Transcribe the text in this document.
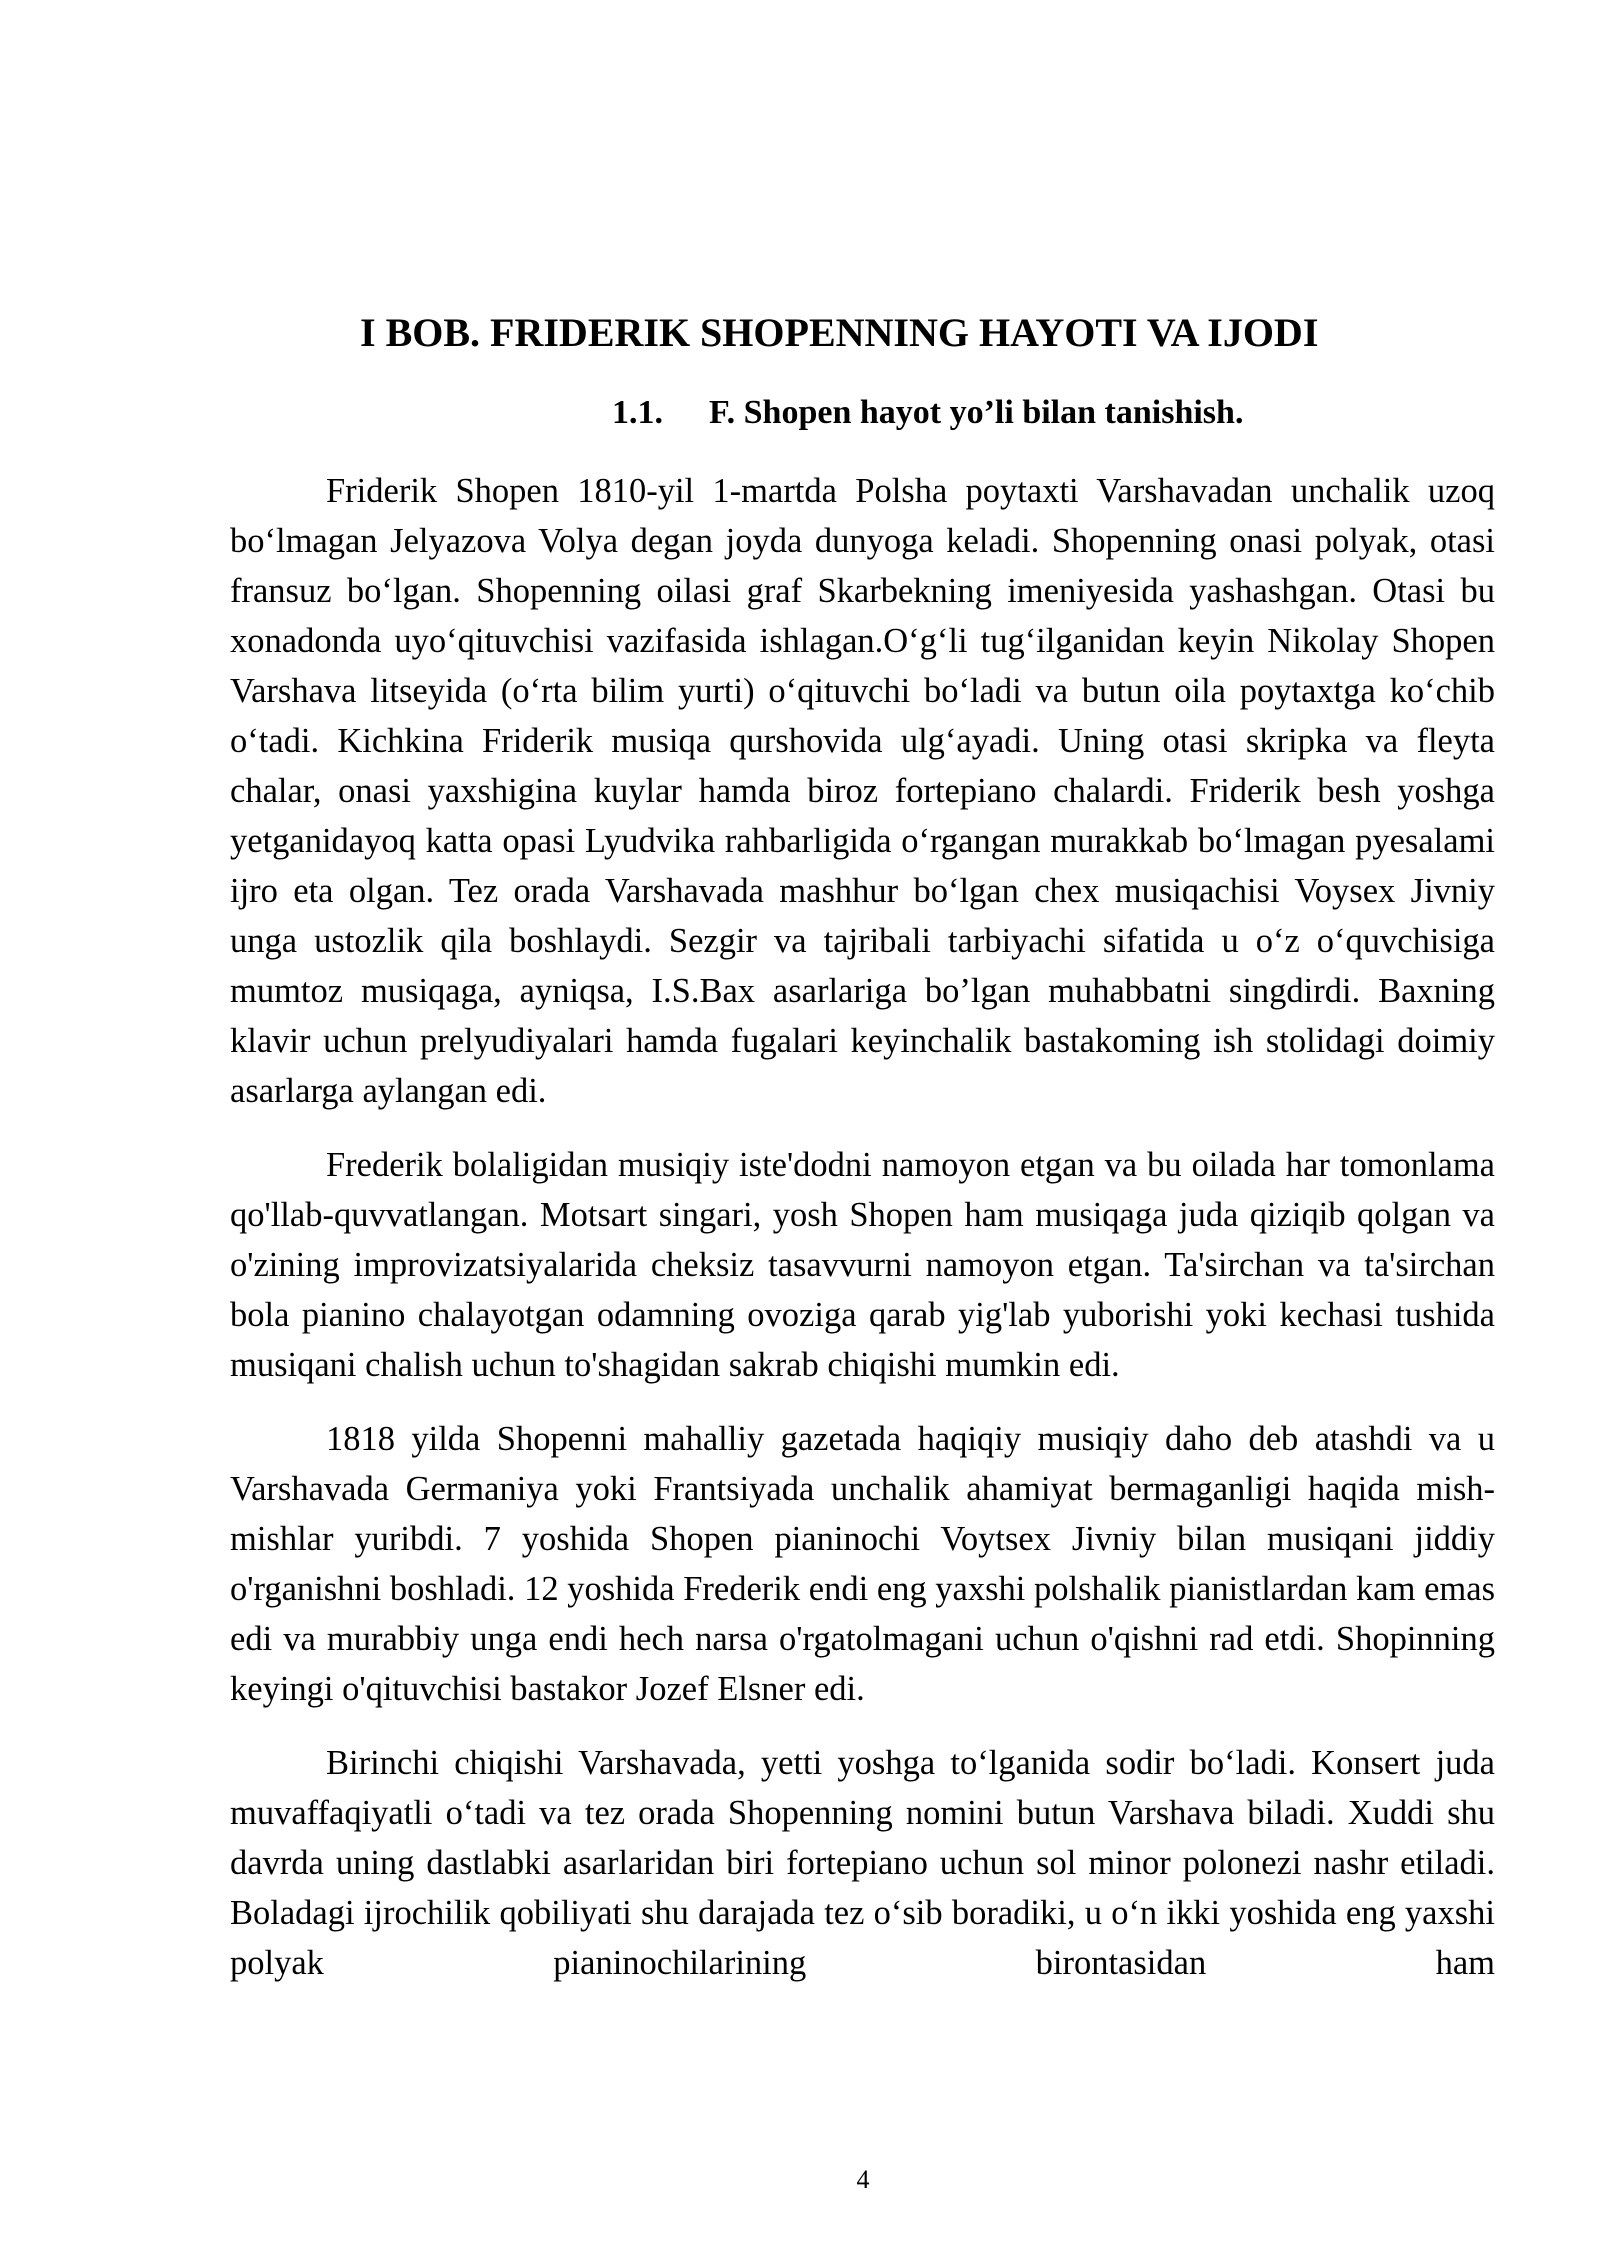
I BOB. FRIDERIK SHOPENNING HAYOTI VA IJODI
1.1. F. Shopen hayot yo’li bilan tanishish.

Friderik Shopen 1810-yil 1-martda Polsha poytaxti Varshavadan unchalik uzoq bo‘lmagan Jelyazova Volya degan joyda dunyoga keladi. Shopenning onasi polyak, otasi fransuz bo‘lgan. Shopenning oilasi graf Skarbekning imeniyesida yashashgan. Otasi bu xonadonda uyo‘qituvchisi vazifasida ishlagan.O‘g‘li tug‘ilganidan keyin Nikolay Shopen Varshava litseyida (o‘rta bilim yurti) o‘qituvchi bo‘ladi va butun oila poytaxtga ko‘chib o‘tadi. Kichkina Friderik musiqa qurshovida ulg‘ayadi. Uning otasi skripka va fleyta chalar, onasi yaxshigina kuylar hamda biroz fortepiano chalardi. Friderik besh yoshga yetganidayoq katta opasi Lyudvika rahbarligida o‘rgangan murakkab bo‘lmagan pyesalami ijro eta olgan. Tez orada Varshavada mashhur bo‘lgan chex musiqachisi Voysex Jivniy unga ustozlik qila boshlaydi. Sezgir va tajribali tarbiyachi sifatida u o‘z o‘quvchisiga mumtoz musiqaga, ayniqsa, I.S.Bax asarlariga bo’lgan muhabbatni singdirdi. Baxning klavir uchun prelyudiyalari hamda fugalari keyinchalik bastakoming ish stolidagi doimiy asarlarga aylangan edi.

Frederik bolaligidan musiqiy iste'dodni namoyon etgan va bu oilada har tomonlama qo'llab-quvvatlangan. Motsart singari, yosh Shopen ham musiqaga juda qiziqib qolgan va o'zining improvizatsiyalarida cheksiz tasavvurni namoyon etgan. Ta'sirchan va ta'sirchan bola pianino chalayotgan odamning ovoziga qarab yig'lab yuborishi yoki kechasi tushida musiqani chalish uchun to'shagidan sakrab chiqishi mumkin edi.

1818 yilda Shopenni mahalliy gazetada haqiqiy musiqiy daho deb atashdi va u Varshavada Germaniya yoki Frantsiyada unchalik ahamiyat bermaganligi haqida mish-mishlar yuribdi. 7 yoshida Shopen pianinochi Voytsex Jivniy bilan musiqani jiddiy o'rganishni boshladi. 12 yoshida Frederik endi eng yaxshi polshalik pianistlardan kam emas edi va murabbiy unga endi hech narsa o'rgatolmagani uchun o'qishni rad etdi. Shopinning keyingi o'qituvchisi bastakor Jozef Elsner edi.

Birinchi chiqishi Varshavada, yetti yoshga to‘lganida sodir bo‘ladi. Konsert juda muvaffaqiyatli o‘tadi va tez orada Shopenning nomini butun Varshava biladi. Xuddi shu davrda uning dastlabki asarlaridan biri fortepiano uchun sol minor polonezi nashr etiladi. Boladagi ijrochilik qobiliyati shu darajada tez o‘sib boradiki, u o‘n ikki yoshida eng yaxshi polyak pianinochilarining birontasidan ham

4
